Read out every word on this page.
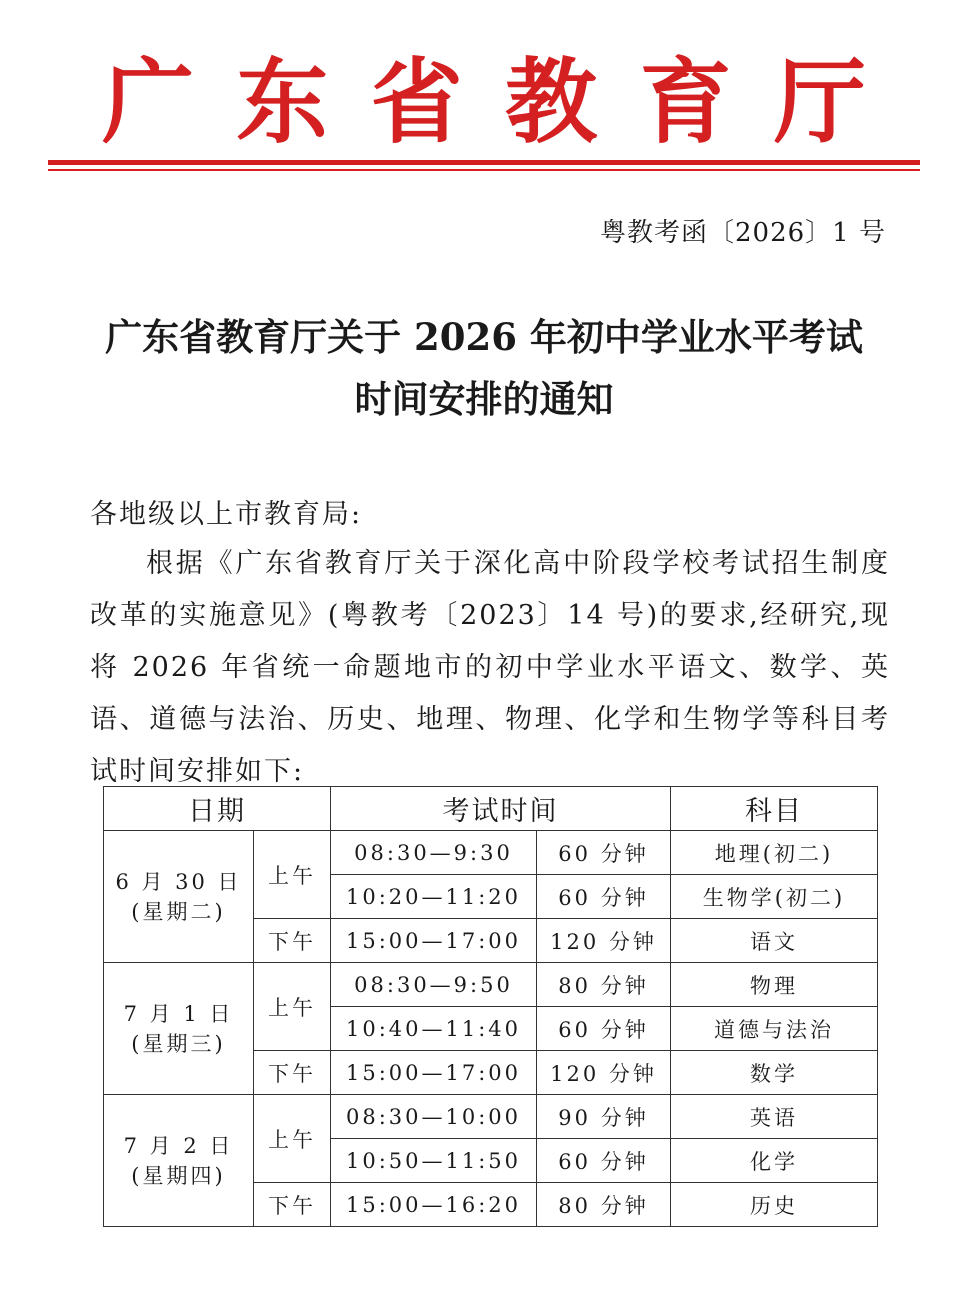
广 东 省 教 育 厅
粤教考函〔2026〕1 号
广东省教育厅关于 2026 年初中学业水平考试
时间安排的通知
各地级以上市教育局:
根据《广东省教育厅关于深化高中阶段学校考试招生制度改革的实施意见》(粤教考〔2023〕14 号)的要求,经研究,现将 2026 年省统一命题地市的初中学业水平语文、数学、英语、道德与法治、历史、地理、物理、化学和生物学等科目考试时间安排如下:
日期		考试时间		科目

6 月 30 日
(星期二)	上午	08:30—9:30	60 分钟	地理(初二)
		10:20—11:20	60 分钟	生物学(初二)
	下午	15:00—17:00	120 分钟	语文

7 月 1 日
(星期三)	上午	08:30—9:50	80 分钟	物理
		10:40—11:40	60 分钟	道德与法治
	下午	15:00—17:00	120 分钟	数学

7 月 2 日
(星期四)	上午	08:30—10:00	90 分钟	英语
		10:50—11:50	60 分钟	化学
	下午	15:00—16:20	80 分钟	历史
